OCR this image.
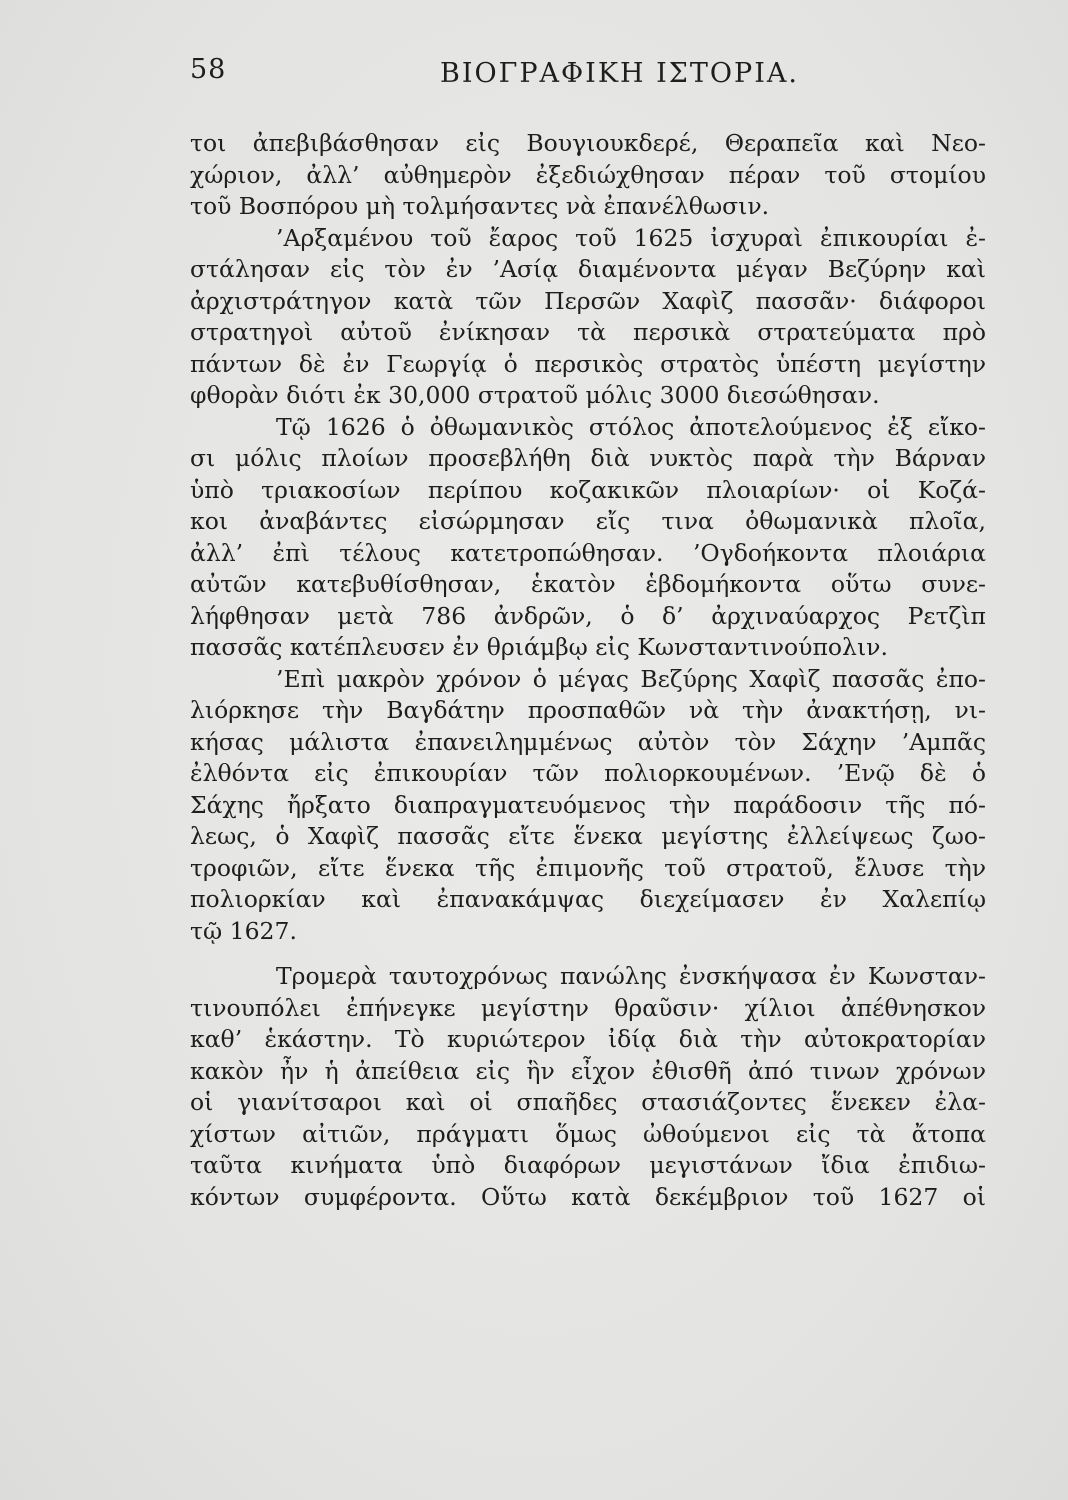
58	ΒΙΟΓΡΑΦΙΚΗ ΙΣΤΟΡΙΑ.
τοι ἀπεβιβάσθησαν εἰς Βουγιουκδερέ, Θεραπεῖα καὶ Νεο-
χώριον, ἀλλ’ αὐθημερὸν ἐξεδιώχθησαν πέραν τοῦ στομίου
τοῦ Βοσπόρου μὴ τολμήσαντες νὰ ἐπανέλθωσιν.
’Αρξαμένου τοῦ ἔαρος τοῦ 1625 ἰσχυραὶ ἐπικουρίαι ἐ-
στάλησαν εἰς τὸν ἐν ’Ασίᾳ διαμένοντα μέγαν Βεζύρην καὶ
ἀρχιστράτηγον κατὰ τῶν Περσῶν Χαφὶζ πασσᾶν· διάφοροι
στρατηγοὶ αὐτοῦ ἐνίκησαν τὰ περσικὰ στρατεύματα πρὸ
πάντων δὲ ἐν Γεωργίᾳ ὁ περσικὸς στρατὸς ὑπέστη μεγίστην
φθορὰν διότι ἐκ 30,000 στρατοῦ μόλις 3000 διεσώθησαν.
Τῷ 1626 ὁ ὀθωμανικὸς στόλος ἀποτελούμενος ἐξ εἴκο-
σι μόλις πλοίων προσεβλήθη διὰ νυκτὸς παρὰ τὴν Βάρναν
ὑπὸ τριακοσίων περίπου κοζακικῶν πλοιαρίων· οἱ Κοζά-
κοι ἀναβάντες εἰσώρμησαν εἴς τινα ὀθωμανικὰ πλοῖα,
ἀλλ’ ἐπὶ τέλους κατετροπώθησαν. ’Ογδοήκοντα πλοιάρια
αὐτῶν κατεβυθίσθησαν, ἑκατὸν ἑβδομήκοντα οὕτω συνε-
λήφθησαν μετὰ 786 ἀνδρῶν, ὁ δ’ ἀρχιναύαρχος Ρετζὶπ
πασσᾶς κατέπλευσεν ἐν θριάμβῳ εἰς Κωνσταντινούπολιν.
’Επὶ μακρὸν χρόνον ὁ μέγας Βεζύρης Χαφὶζ πασσᾶς ἐπο-
λιόρκησε τὴν Βαγδάτην προσπαθῶν νὰ τὴν ἀνακτήσῃ, νι-
κήσας μάλιστα ἐπανειλημμένως αὐτὸν τὸν Σάχην ’Αμπᾶς
ἐλθόντα εἰς ἐπικουρίαν τῶν πολιορκουμένων. ’Ενῷ δὲ ὁ
Σάχης ἤρξατο διαπραγματευόμενος τὴν παράδοσιν τῆς πό-
λεως, ὁ Χαφὶζ πασσᾶς εἴτε ἕνεκα μεγίστης ἐλλείψεως ζωο-
τροφιῶν, εἴτε ἕνεκα τῆς ἐπιμονῆς τοῦ στρατοῦ, ἔλυσε τὴν
πολιορκίαν καὶ ἐπανακάμψας διεχείμασεν ἐν Χαλεπίῳ
τῷ 1627.
Τρομερὰ ταυτοχρόνως πανώλης ἐνσκήψασα ἐν Κωνσταν-
τινουπόλει ἐπήνεγκε μεγίστην θραῦσιν· χίλιοι ἀπέθνησκον
καθ’ ἑκάστην. Τὸ κυριώτερον ἰδίᾳ διὰ τὴν αὐτοκρατορίαν
κακὸν ἦν ἡ ἀπείθεια εἰς ἣν εἶχον ἐθισθῆ ἀπό τινων χρόνων
οἱ γιανίτσαροι καὶ οἱ σπαῆδες στασιάζοντες ἕνεκεν ἐλα-
χίστων αἰτιῶν, πράγματι ὅμως ὠθούμενοι εἰς τὰ ἄτοπα
ταῦτα κινήματα ὑπὸ διαφόρων μεγιστάνων ἴδια ἐπιδιω-
κόντων συμφέροντα. Οὕτω κατὰ δεκέμβριον τοῦ 1627 οἱ
